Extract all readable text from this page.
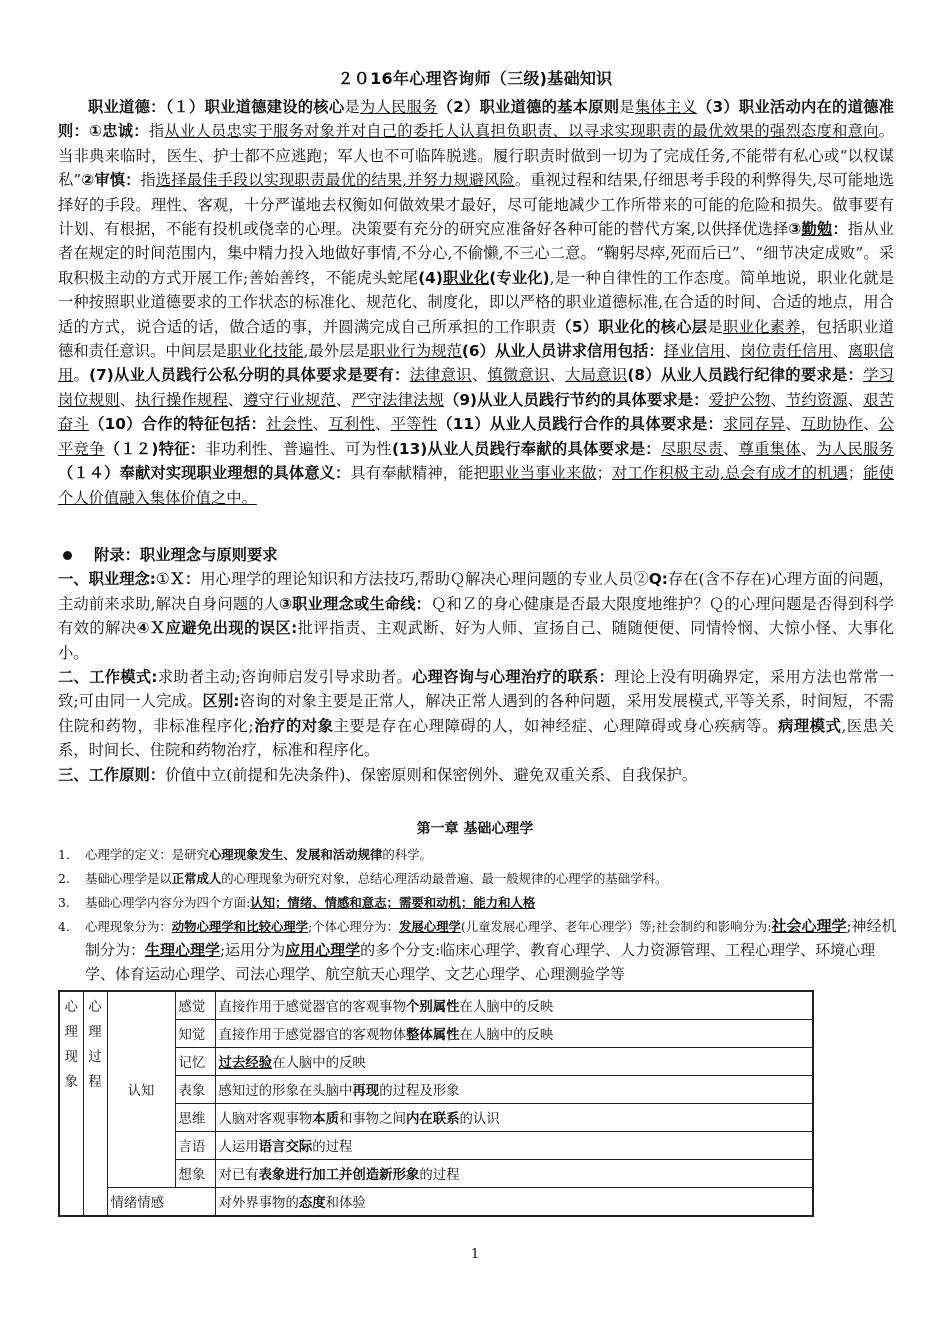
２０16年心理咨询师（三级)基础知识

职业道德：（１）职业道德建设的核心是为人民服务（2）职业道德的基本原则是集体主义（3）职业活动内在的道德准则：①忠诚：指从业人员忠实于服务对象并对自己的委托人认真担负职责、以寻求实现职责的最优效果的强烈态度和意向。当非典来临时，医生、护士都不应逃跑；军人也不可临阵脱逃。履行职责时做到一切为了完成任务,不能带有私心或“以权谋私”②审慎：指选择最佳手段以实现职责最优的结果,并努力规避风险。重视过程和结果,仔细思考手段的利弊得失,尽可能地选择好的手段。理性、客观，十分严谨地去权衡如何做效果才最好，尽可能地减少工作所带来的可能的危险和损失。做事要有计划、有根据，不能有投机或侥幸的心理。决策要有充分的研究应准备好各种可能的替代方案,以供择优选择③勤勉：指从业者在规定的时间范围内，集中精力投入地做好事情,不分心,不偷懒,不三心二意。“鞠躬尽瘁,死而后已”、“细节决定成败”。采取积极主动的方式开展工作;善始善终，不能虎头蛇尾(4)职业化(专业化),是一种自律性的工作态度。简单地说，职业化就是一种按照职业道德要求的工作状态的标准化、规范化、制度化，即以严格的职业道德标准,在合适的时间、合适的地点，用合适的方式，说合适的话，做合适的事，并圆满完成自己所承担的工作职责（5）职业化的核心层是职业化素养，包括职业道德和责任意识。中间层是职业化技能,最外层是职业行为规范(6）从业人员讲求信用包括：择业信用、岗位责任信用、离职信用。(7)从业人员践行公私分明的具体要求是要有：法律意识、慎微意识、大局意识(8）从业人员践行纪律的要求是：学习岗位规则、执行操作规程、遵守行业规范、严守法律法规（9)从业人员践行节约的具体要求是：爱护公物、节约资源、艰苦奋斗（10）合作的特征包括：社会性、互利性、平等性（11）从业人员践行合作的具体要求是：求同存异、互助协作、公平竞争（１２)特征：非功利性、普遍性、可为性(13)从业人员践行奉献的具体要求是：尽职尽责、尊重集体、为人民服务（１４）奉献对实现职业理想的具体意义：具有奉献精神，能把职业当事业来做；对工作积极主动,总会有成才的机遇；能使个人价值融入集体价值之中。

附录：职业理念与原则要求

一、职业理念:①Ｘ：用心理学的理论知识和方法技巧,帮助Ｑ解决心理问题的专业人员②Q:存在(含不存在)心理方面的问题，主动前来求助,解决自身问题的人③职业理念或生命线：Ｑ和Ｚ的身心健康是否最大限度地维护？Ｑ的心理问题是否得到科学有效的解决④Ｘ应避免出现的误区:批评指责、主观武断、好为人师、宣扬自己、随随便便、同情怜悯、大惊小怪、大事化小。

二、工作模式:求助者主动;咨询师启发引导求助者。心理咨询与心理治疗的联系：理论上没有明确界定，采用方法也常常一致;可由同一人完成。区别:咨询的对象主要是正常人，解决正常人遇到的各种问题，采用发展模式,平等关系，时间短，不需住院和药物，非标准程序化;治疗的对象主要是存在心理障碍的人，如神经症、心理障碍或身心疾病等。病理模式,医患关系，时间长、住院和药物治疗，标准和程序化。

三、工作原则：价值中立(前提和先决条件)、保密原则和保密例外、避免双重关系、自我保护。

第一章 基础心理学
1. 心理学的定义：是研究心理现象发生、发展和活动规律的科学。
2. 基础心理学是以正常成人的心理现象为研究对象，总结心理活动最普遍、最一般规律的心理学的基础学科。
3. 基础心理学内容分为四个方面:认知；情绪、情感和意志；需要和动机；能力和人格
4. 心理现象分为：动物心理学和比较心理学;个体心理分为：发展心理学(儿童发展心理学、老年心理学）等;社会制约和影响分为:社会心理学;神经机制分为：生理心理学;运用分为应用心理学的多个分支:临床心理学、教育心理学、人力资源管理、工程心理学、环境心理学、体育运动心理学、司法心理学、航空航天心理学、文艺心理学、心理测验学等
心理现象	心理过程	认知	感觉	直接作用于感觉器官的客观事物个别属性在人脑中的反映
			知觉	直接作用于感觉器官的客观物体整体属性在人脑中的反映
			记忆	过去经验在人脑中的反映
			表象	感知过的形象在头脑中再现的过程及形象
			思维	人脑对客观事物本质和事物之间内在联系的认识
			言语	人运用语言交际的过程
			想象	对已有表象进行加工并创造新形象的过程
		情绪情感		对外界事物的态度和体验
1
